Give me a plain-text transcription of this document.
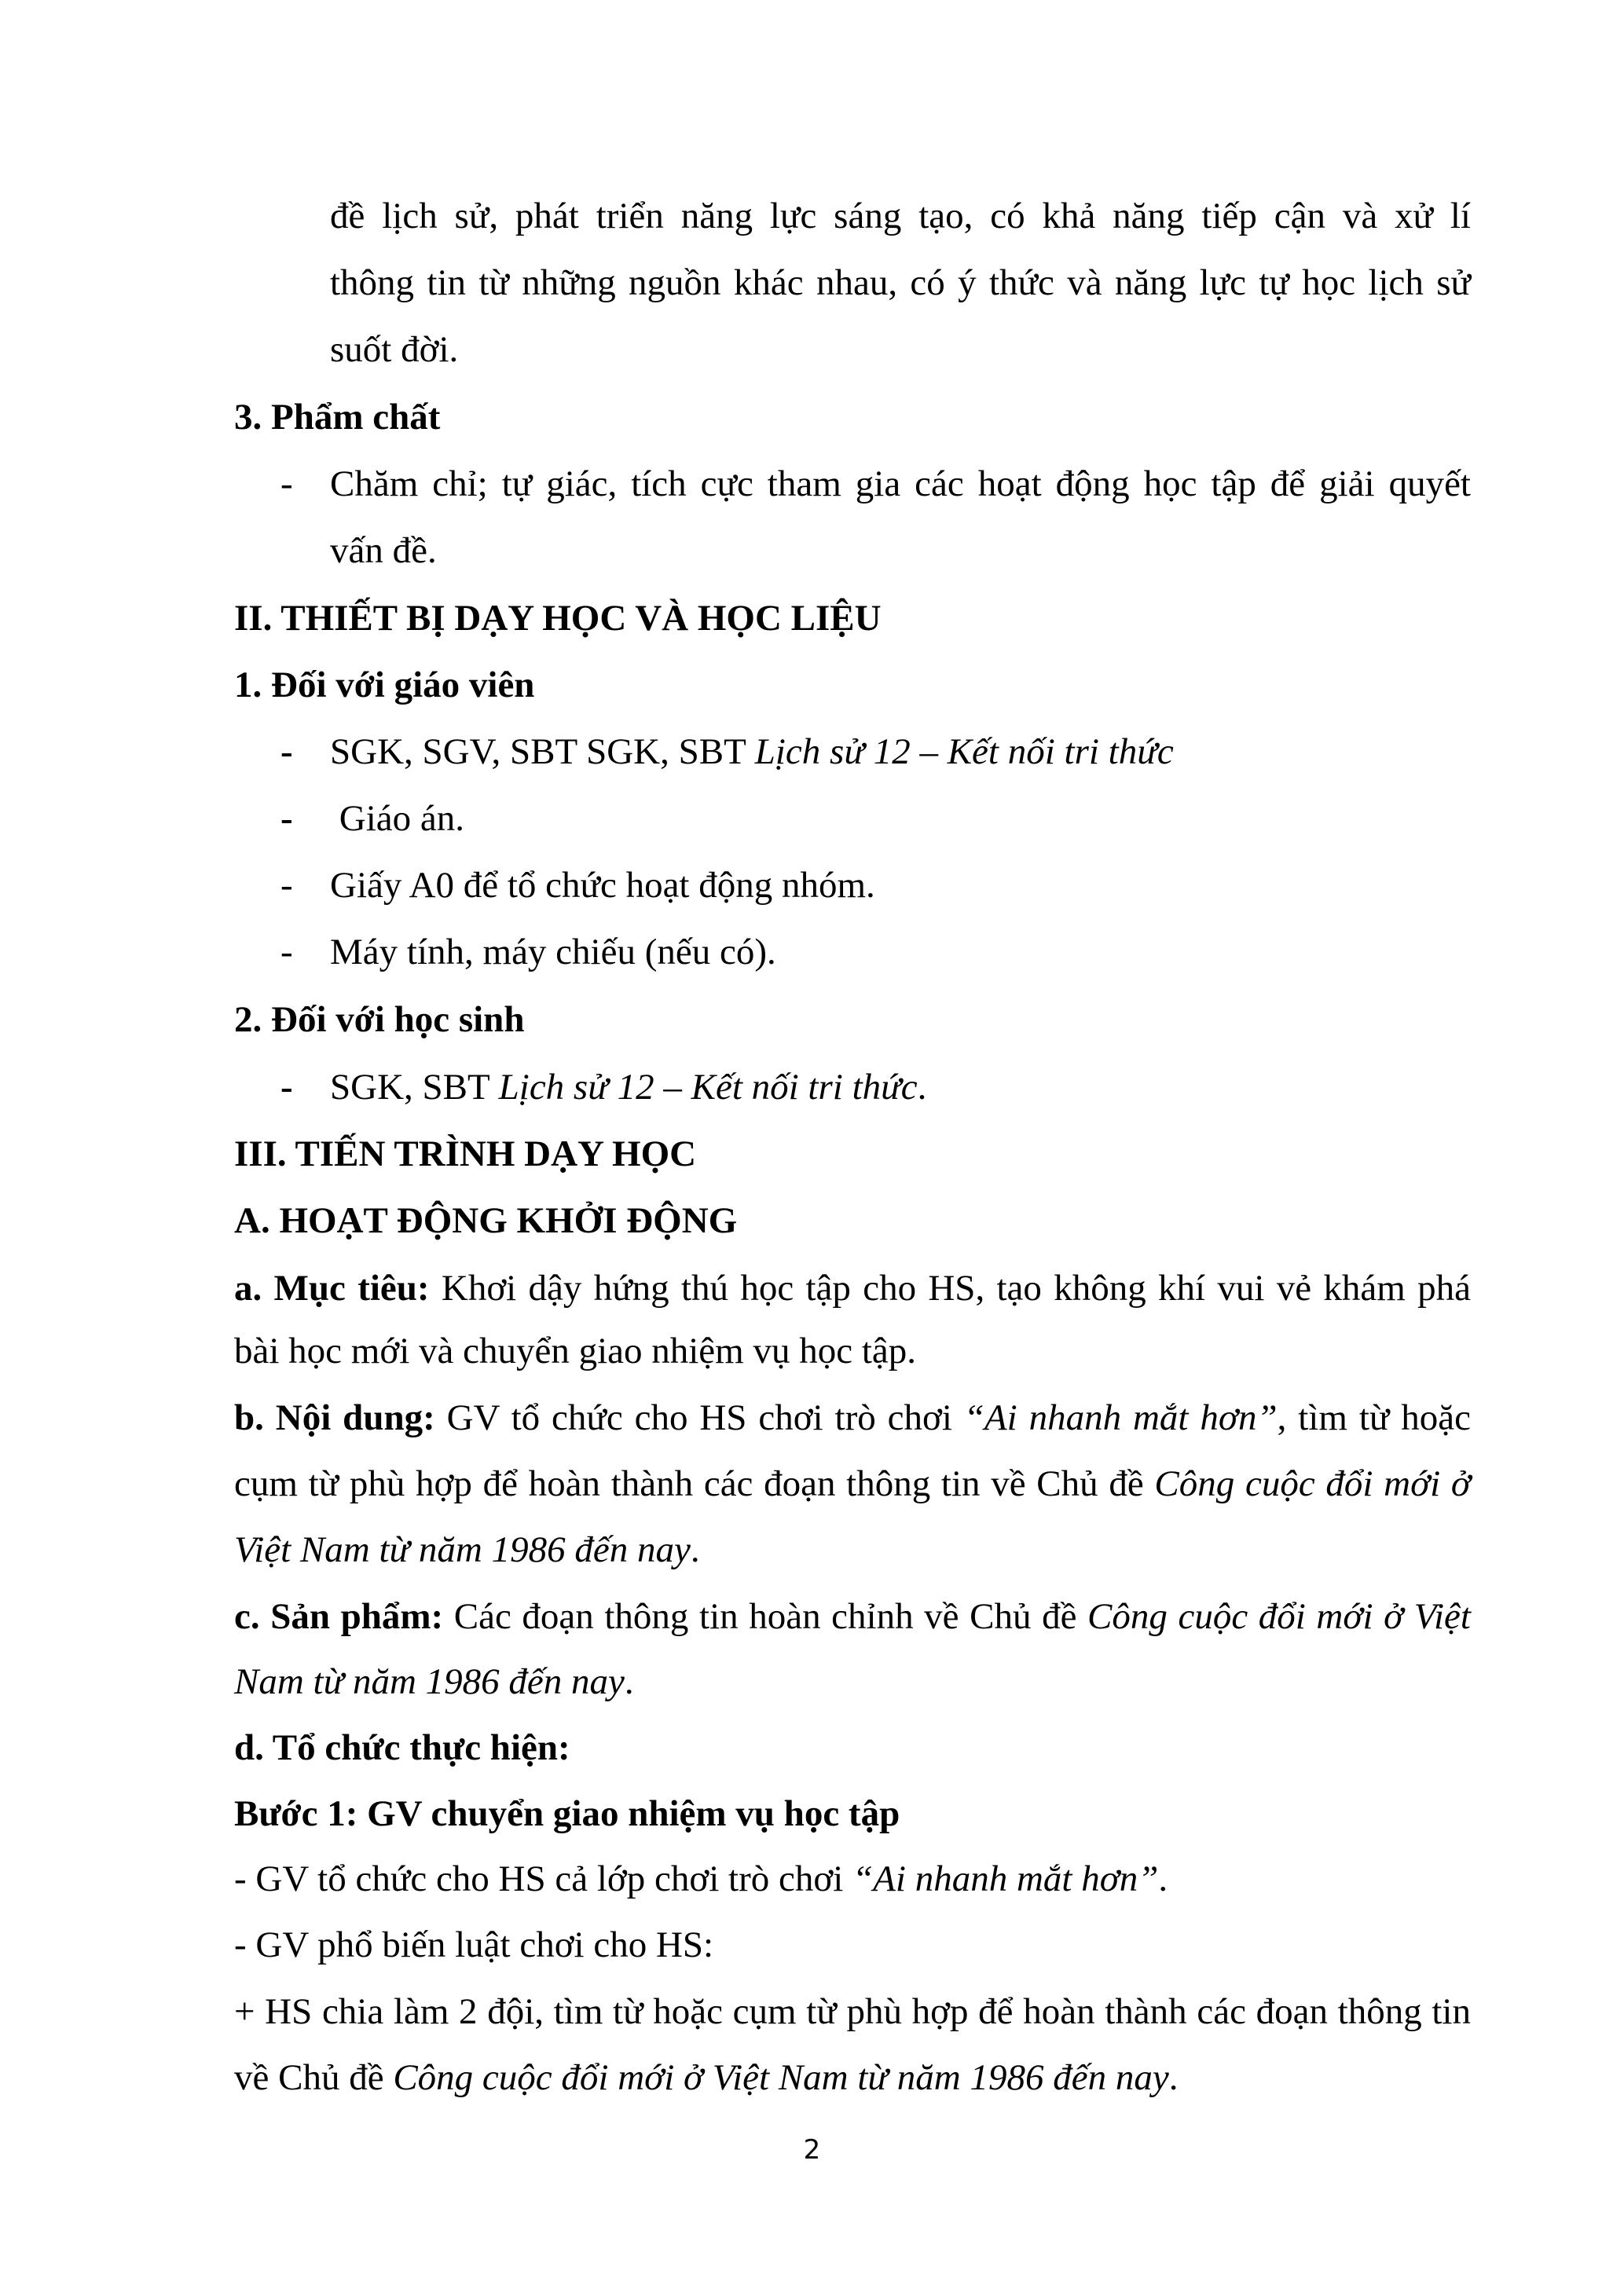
đề lịch sử, phát triển năng lực sáng tạo, có khả năng tiếp cận và xử lí
thông tin từ những nguồn khác nhau, có ý thức và năng lực tự học lịch sử
suốt đời.
3. Phẩm chất
-	Chăm chỉ; tự giác, tích cực tham gia các hoạt động học tập để giải quyết
vấn đề.
II. THIẾT BỊ DẠY HỌC VÀ HỌC LIỆU
1. Đối với giáo viên
-	SGK, SGV, SBT SGK, SBT Lịch sử 12 – Kết nối tri thức
-	Giáo án.
-	Giấy A0 để tổ chức hoạt động nhóm.
-	Máy tính, máy chiếu (nếu có).
2. Đối với học sinh
-	SGK, SBT Lịch sử 12 – Kết nối tri thức.
III. TIẾN TRÌNH DẠY HỌC
A. HOẠT ĐỘNG KHỞI ĐỘNG
a. Mục tiêu: Khơi dậy hứng thú học tập cho HS, tạo không khí vui vẻ khám phá
bài học mới và chuyển giao nhiệm vụ học tập.
b. Nội dung: GV tổ chức cho HS chơi trò chơi “Ai nhanh mắt hơn”, tìm từ hoặc
cụm từ phù hợp để hoàn thành các đoạn thông tin về Chủ đề Công cuộc đổi mới ở
Việt Nam từ năm 1986 đến nay.
c. Sản phẩm: Các đoạn thông tin hoàn chỉnh về Chủ đề Công cuộc đổi mới ở Việt
Nam từ năm 1986 đến nay.
d. Tổ chức thực hiện:
Bước 1: GV chuyển giao nhiệm vụ học tập
- GV tổ chức cho HS cả lớp chơi trò chơi “Ai nhanh mắt hơn”.
- GV phổ biến luật chơi cho HS:
+ HS chia làm 2 đội, tìm từ hoặc cụm từ phù hợp để hoàn thành các đoạn thông tin
về Chủ đề Công cuộc đổi mới ở Việt Nam từ năm 1986 đến nay.
2
